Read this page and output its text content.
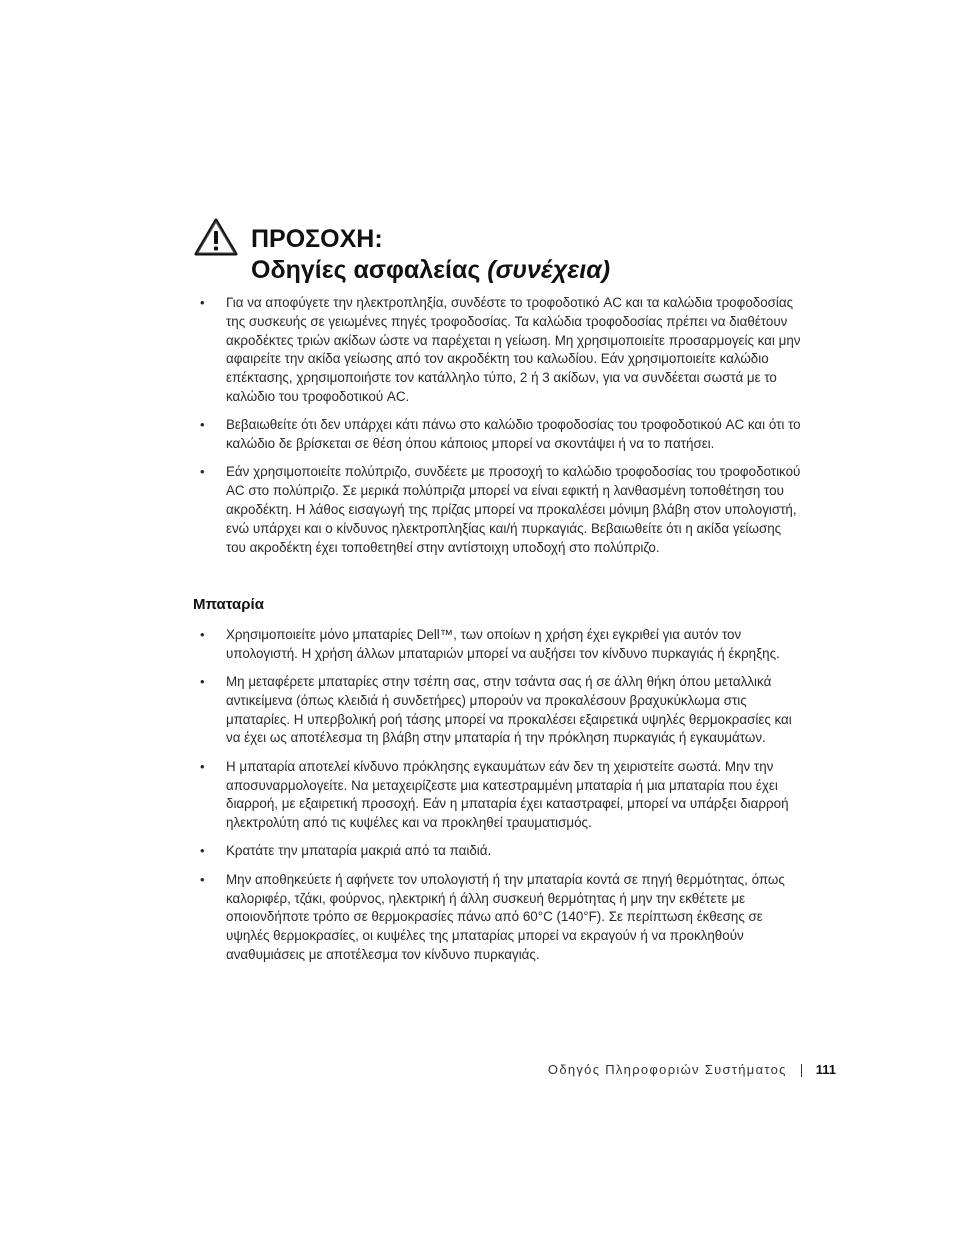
ΠΡΟΣΟΧΗ:
Οδηγίες ασφαλείας (συνέχεια)
• Για να αποφύγετε την ηλεκτροπληξία, συνδέστε το τροφοδοτικό AC και τα καλώδια τροφοδοσίας της συσκευής σε γειωμένες πηγές τροφοδοσίας. Τα καλώδια τροφοδοσίας πρέπει να διαθέτουν ακροδέκτες τριών ακίδων ώστε να παρέχεται η γείωση. Μη χρησιμοποιείτε προσαρμογείς και μην αφαιρείτε την ακίδα γείωσης από τον ακροδέκτη του καλωδίου. Εάν χρησιμοποιείτε καλώδιο επέκτασης, χρησιμοποιήστε τον κατάλληλο τύπο, 2 ή 3 ακίδων, για να συνδέεται σωστά με το καλώδιο του τροφοδοτικού AC.
• Βεβαιωθείτε ότι δεν υπάρχει κάτι πάνω στο καλώδιο τροφοδοσίας του τροφοδοτικού AC και ότι το καλώδιο δε βρίσκεται σε θέση όπου κάποιος μπορεί να σκοντάψει ή να το πατήσει.
• Εάν χρησιμοποιείτε πολύπριζο, συνδέετε με προσοχή το καλώδιο τροφοδοσίας του τροφοδοτικού AC στο πολύπριζο. Σε μερικά πολύπριζα μπορεί να είναι εφικτή η λανθασμένη τοποθέτηση του ακροδέκτη. Η λάθος εισαγωγή της πρίζας μπορεί να προκαλέσει μόνιμη βλάβη στον υπολογιστή, ενώ υπάρχει και ο κίνδυνος ηλεκτροπληξίας και/ή πυρκαγιάς. Βεβαιωθείτε ότι η ακίδα γείωσης του ακροδέκτη έχει τοποθετηθεί στην αντίστοιχη υποδοχή στο πολύπριζο.
Μπαταρία
• Χρησιμοποιείτε μόνο μπαταρίες Dell™, των οποίων η χρήση έχει εγκριθεί για αυτόν τον υπολογιστή. Η χρήση άλλων μπαταριών μπορεί να αυξήσει τον κίνδυνο πυρκαγιάς ή έκρηξης.
• Μη μεταφέρετε μπαταρίες στην τσέπη σας, στην τσάντα σας ή σε άλλη θήκη όπου μεταλλικά αντικείμενα (όπως κλειδιά ή συνδετήρες) μπορούν να προκαλέσουν βραχυκύκλωμα στις μπαταρίες. Η υπερβολική ροή τάσης μπορεί να προκαλέσει εξαιρετικά υψηλές θερμοκρασίες και να έχει ως αποτέλεσμα τη βλάβη στην μπαταρία ή την πρόκληση πυρκαγιάς ή εγκαυμάτων.
• Η μπαταρία αποτελεί κίνδυνο πρόκλησης εγκαυμάτων εάν δεν τη χειριστείτε σωστά. Μην την αποσυναρμολογείτε. Να μεταχειρίζεστε μια κατεστραμμένη μπαταρία ή μια μπαταρία που έχει διαρροή, με εξαιρετική προσοχή. Εάν η μπαταρία έχει καταστραφεί, μπορεί να υπάρξει διαρροή ηλεκτρολύτη από τις κυψέλες και να προκληθεί τραυματισμός.
• Κρατάτε την μπαταρία μακριά από τα παιδιά.
• Μην αποθηκεύετε ή αφήνετε τον υπολογιστή ή την μπαταρία κοντά σε πηγή θερμότητας, όπως καλοριφέρ, τζάκι, φούρνος, ηλεκτρική ή άλλη συσκευή θερμότητας ή μην την εκθέτετε με οποιονδήποτε τρόπο σε θερμοκρασίες πάνω από 60°C (140°F). Σε περίπτωση έκθεσης σε υψηλές θερμοκρασίες, οι κυψέλες της μπαταρίας μπορεί να εκραγούν ή να προκληθούν αναθυμιάσεις με αποτέλεσμα τον κίνδυνο πυρκαγιάς.
Οδηγός Πληροφοριών Συστήματος 111
